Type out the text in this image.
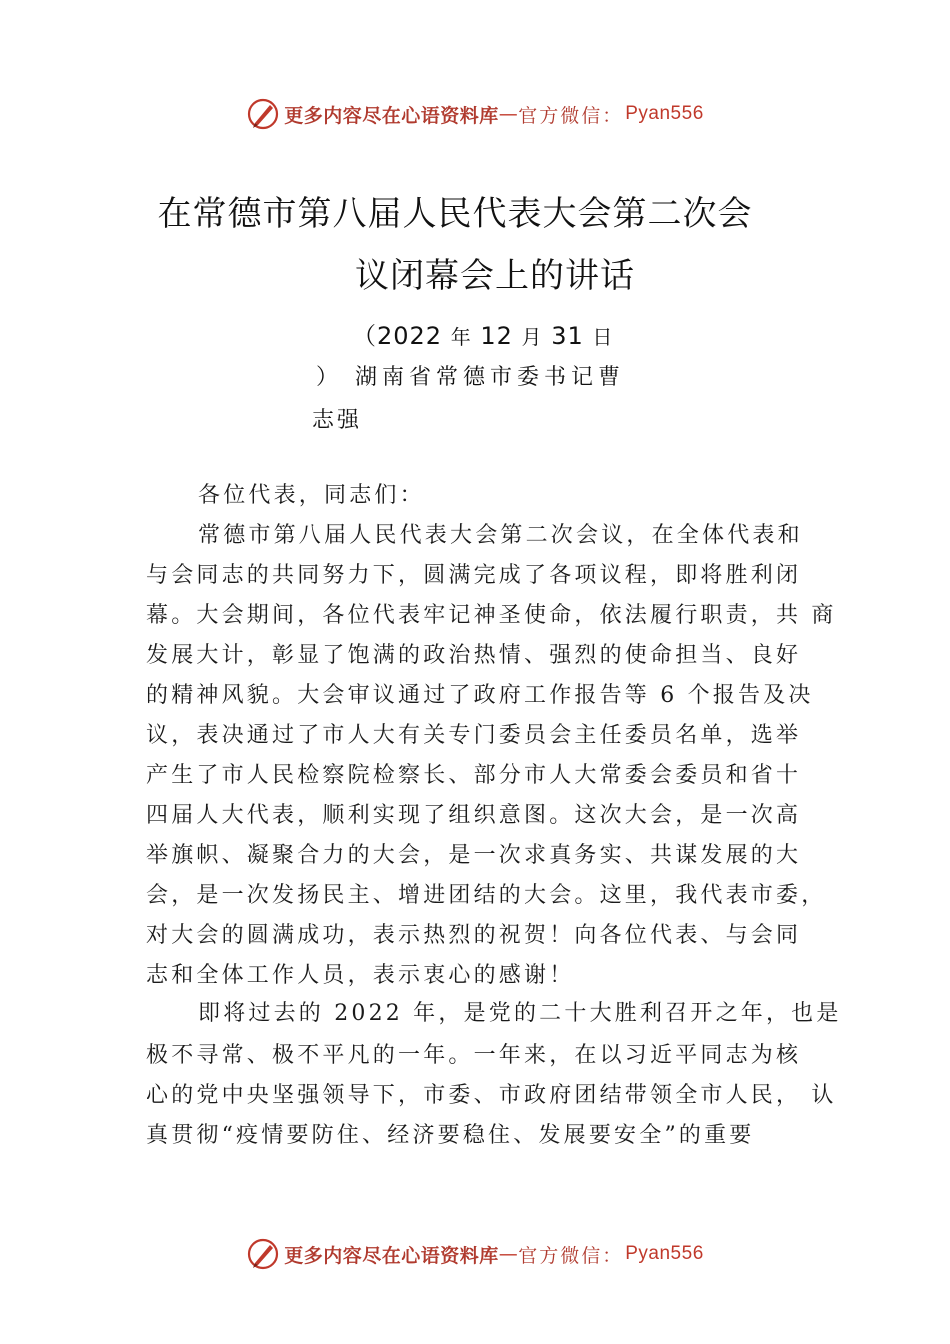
更多内容尽在心语资料库 — 官方微信： Pyan556
在常德市第八届人民代表大会第二次会
议闭幕会上的讲话
（2022 年 12 月 31 日
） 湖南省常德市委书记曹
志强
各位代表，同志们：
常德市第八届人民代表大会第二次会议，在全体代表和
与会同志的共同努力下，圆满完成了各项议程，即将胜利闭
幕。大会期间，各位代表牢记神圣使命，依法履行职责，共 商
发展大计，彰显了饱满的政治热情、强烈的使命担当、良好
的精神风貌。大会审议通过了政府工作报告等 6 个报告及决
议，表决通过了市人大有关专门委员会主任委员名单，选举
产生了市人民检察院检察长、部分市人大常委会委员和省十
四届人大代表，顺利实现了组织意图。这次大会，是一次高
举旗帜、凝聚合力的大会，是一次求真务实、共谋发展的大
会，是一次发扬民主、增进团结的大会。这里，我代表市委，
对大会的圆满成功，表示热烈的祝贺！向各位代表、与会同
志和全体工作人员，表示衷心的感谢！
即将过去的 2022 年，是党的二十大胜利召开之年，也是
极不寻常、极不平凡的一年。一年来，在以习近平同志为核
心的党中央坚强领导下，市委、市政府团结带领全市人民， 认
真贯彻“疫情要防住、经济要稳住、发展要安全”的重要
更多内容尽在心语资料库 — 官方微信： Pyan556
